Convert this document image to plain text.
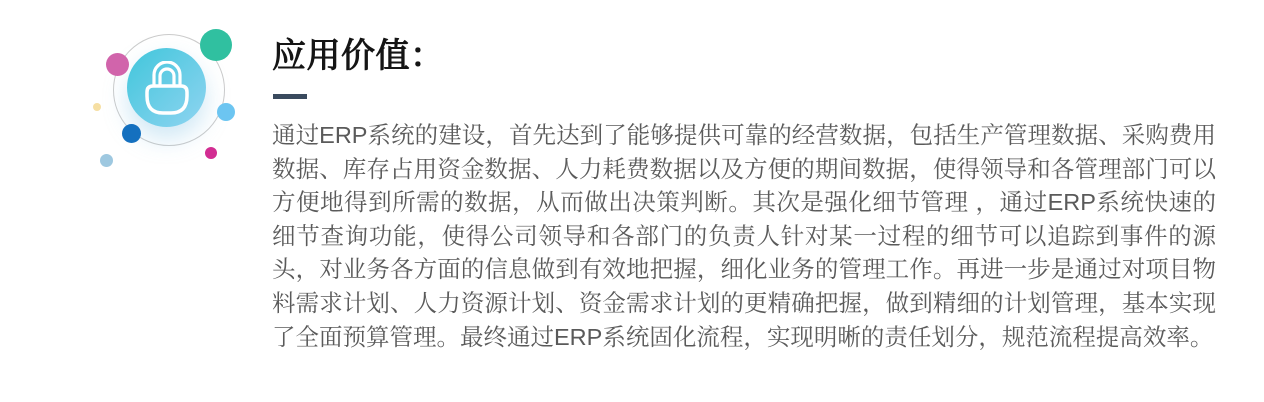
应用价值：
通过ERP系统的建设，首先达到了能够提供可靠的经营数据，包括生产管理数据、采购费用数据、库存占用资金数据、人力耗费数据以及方便的期间数据，使得领导和各管理部门可以方便地得到所需的数据，从而做出决策判断。其次是强化细节管理 ，通过ERP系统快速的细节查询功能，使得公司领导和各部门的负责人针对某一过程的细节可以追踪到事件的源头，对业务各方面的信息做到有效地把握，细化业务的管理工作。再进一步是通过对项目物料需求计划、人力资源计划、资金需求计划的更精确把握，做到精细的计划管理，基本实现了全面预算管理。最终通过ERP系统固化流程，实现明晰的责任划分，规范流程提高效率。
